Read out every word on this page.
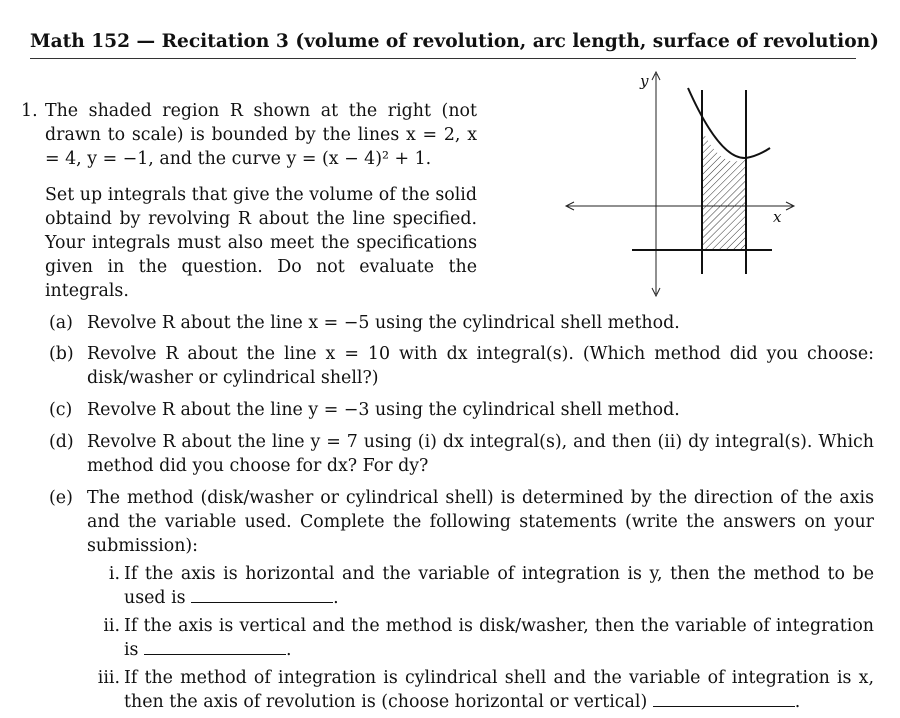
Math 152 — Recitation 3 (volume of revolution, arc length, surface of revolution)
1. The shaded region R shown at the right (not drawn to scale) is bounded by the lines x = 2, x = 4, y = −1, and the curve y = (x − 4)² + 1.

Set up integrals that give the volume of the solid obtaind by revolving R about the line specified. Your integrals must also meet the specifications given in the question. Do not evaluate the integrals.

y
x
(a) Revolve R about the line x = −5 using the cylindrical shell method.
(b) Revolve R about the line x = 10 with dx integral(s). (Which method did you choose: disk/washer or cylindrical shell?)
(c) Revolve R about the line y = −3 using the cylindrical shell method.
(d) Revolve R about the line y = 7 using (i) dx integral(s), and then (ii) dy integral(s). Which method did you choose for dx? For dy?
(e) The method (disk/washer or cylindrical shell) is determined by the direction of the axis and the variable used. Complete the following statements (write the answers on your submission):
i. If the axis is horizontal and the variable of integration is y, then the method to be used is	.
ii. If the axis is vertical and the method is disk/washer, then the variable of integration is	.
iii. If the method of integration is cylindrical shell and the variable of integration is x, then the axis of revolution is (choose horizontal or vertical)	.
